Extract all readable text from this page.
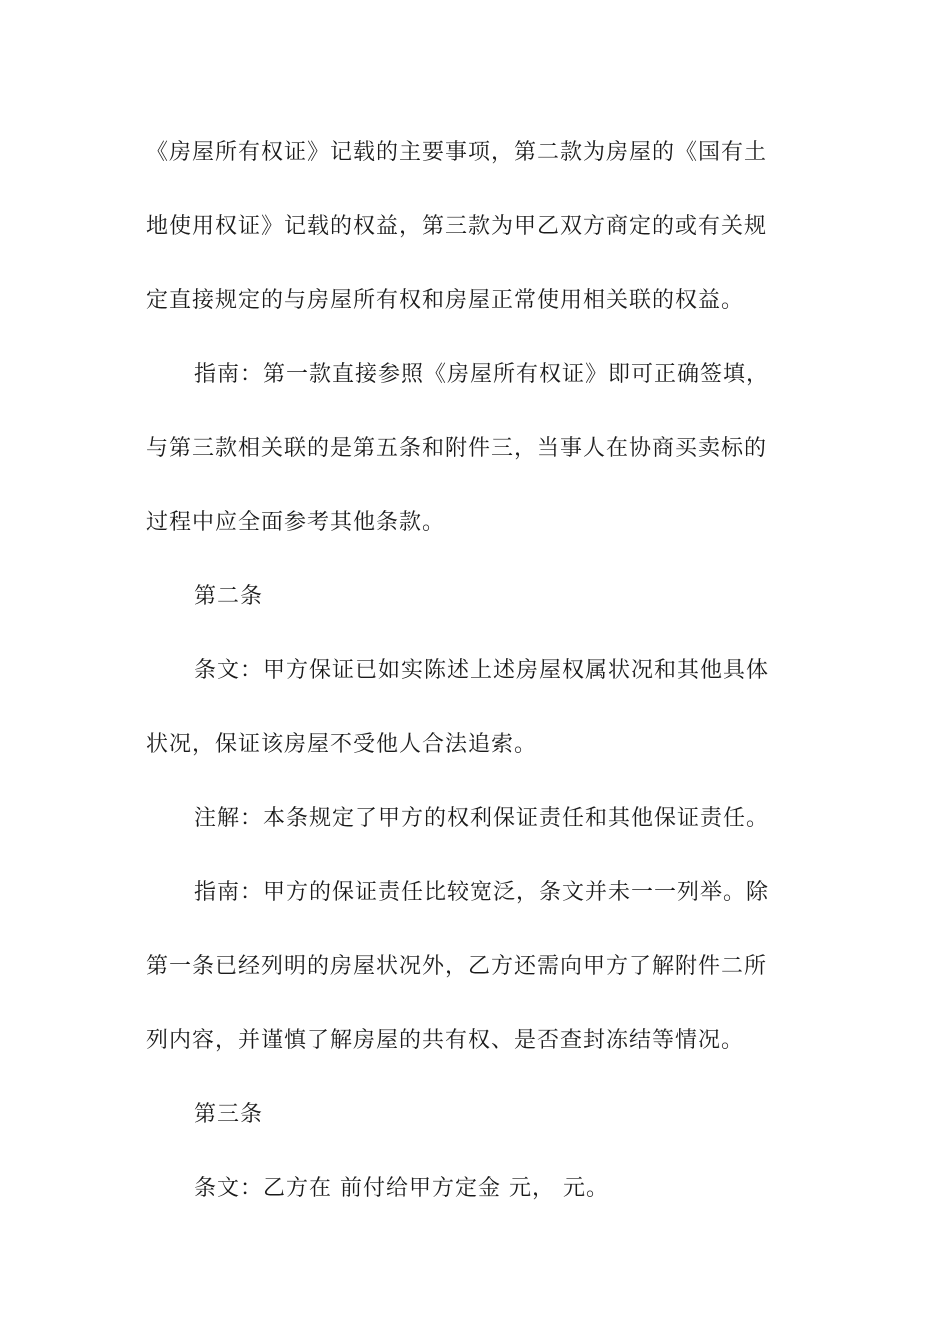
《房屋所有权证》记载的主要事项，第二款为房屋的《国有土
地使用权证》记载的权益，第三款为甲乙双方商定的或有关规
定直接规定的与房屋所有权和房屋正常使用相关联的权益。
指南：第一款直接参照《房屋所有权证》即可正确签填，
与第三款相关联的是第五条和附件三，当事人在协商买卖标的
过程中应全面参考其他条款。
第二条
条文：甲方保证已如实陈述上述房屋权属状况和其他具体
状况，保证该房屋不受他人合法追索。
注解：本条规定了甲方的权利保证责任和其他保证责任。
指南：甲方的保证责任比较宽泛，条文并未一一列举。除
第一条已经列明的房屋状况外，乙方还需向甲方了解附件二所
列内容，并谨慎了解房屋的共有权、是否查封冻结等情况。
第三条
条文：乙方在 前付给甲方定金 元， 元。
